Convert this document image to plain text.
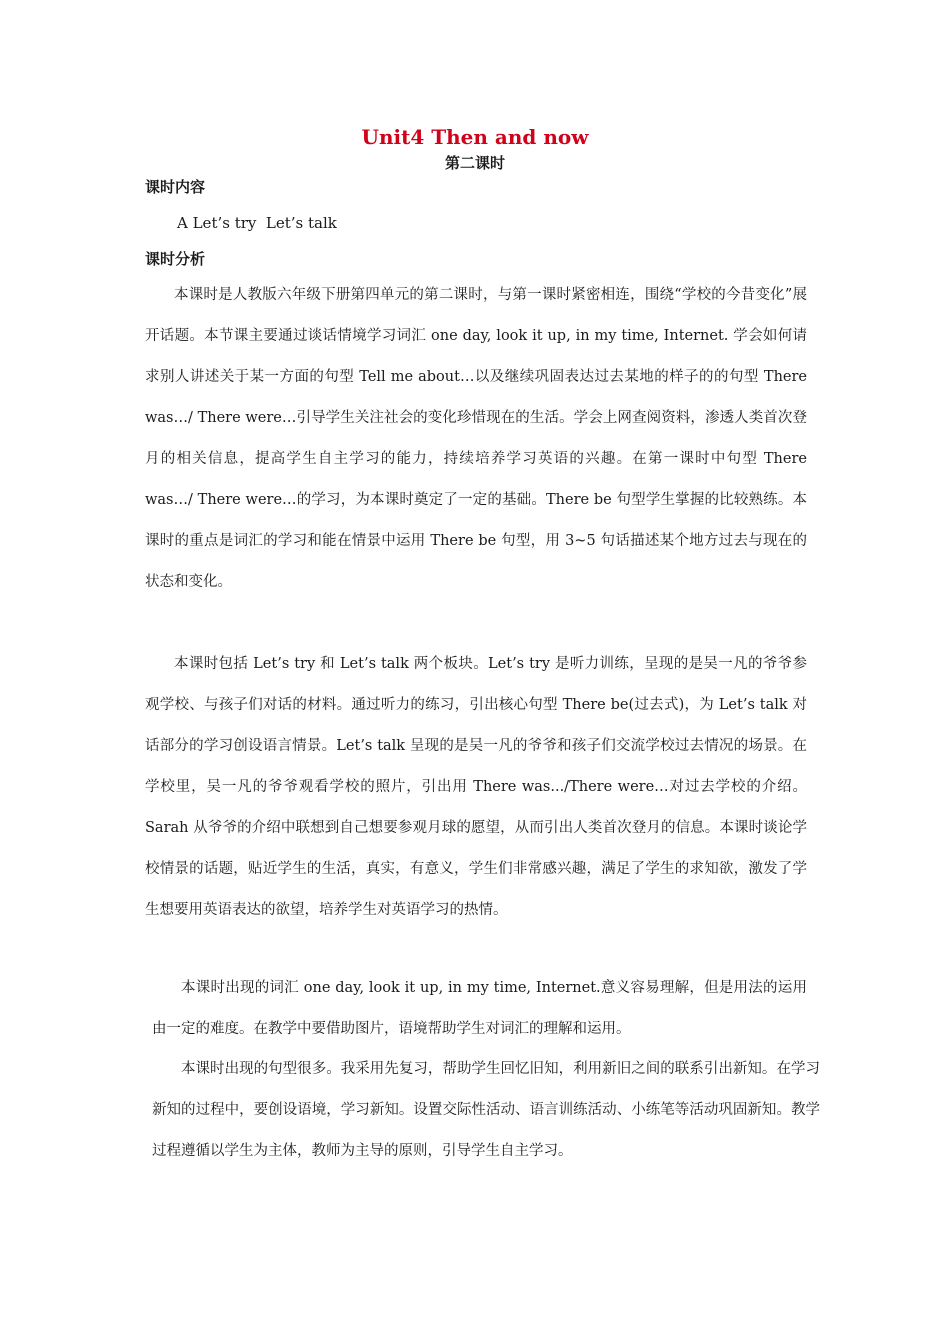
Unit4 Then and now
第二课时
课时内容
A Let’s try  Let’s talk
课时分析

本课时是人教版六年级下册第四单元的第二课时，与第一课时紧密相连，围绕“学校的今昔变化”展开话题。本节课主要通过谈话情境学习词汇 one day, look it up, in my time, Internet. 学会如何请求别人讲述关于某一方面的句型 Tell me about…以及继续巩固表达过去某地的样子的的句型 There was…/ There were…引导学生关注社会的变化珍惜现在的生活。学会上网查阅资料，渗透人类首次登月的相关信息，提高学生自主学习的能力，持续培养学习英语的兴趣。在第一课时中句型 There was…/ There were…的学习，为本课时奠定了一定的基础。There be 句型学生掌握的比较熟练。本课时的重点是词汇的学习和能在情景中运用 There be 句型，用 3~5 句话描述某个地方过去与现在的状态和变化。

本课时包括 Let’s try 和 Let’s talk 两个板块。Let’s try 是听力训练，呈现的是吴一凡的爷爷参观学校、与孩子们对话的材料。通过听力的练习，引出核心句型 There be(过去式)，为 Let’s talk 对话部分的学习创设语言情景。Let’s talk 呈现的是吴一凡的爷爷和孩子们交流学校过去情况的场景。在学校里，吴一凡的爷爷观看学校的照片，引出用 There was.../There were…对过去学校的介绍。Sarah 从爷爷的介绍中联想到自己想要参观月球的愿望，从而引出人类首次登月的信息。本课时谈论学校情景的话题，贴近学生的生活，真实，有意义，学生们非常感兴趣，满足了学生的求知欲，激发了学生想要用英语表达的欲望，培养学生对英语学习的热情。

本课时出现的词汇 one day, look it up, in my time, Internet.意义容易理解，但是用法的运用由一定的难度。在教学中要借助图片，语境帮助学生对词汇的理解和运用。

本课时出现的句型很多。我采用先复习，帮助学生回忆旧知，利用新旧之间的联系引出新知。在学习新知的过程中，要创设语境，学习新知。设置交际性活动、语言训练活动、小练笔等活动巩固新知。教学过程遵循以学生为主体，教师为主导的原则，引导学生自主学习。
